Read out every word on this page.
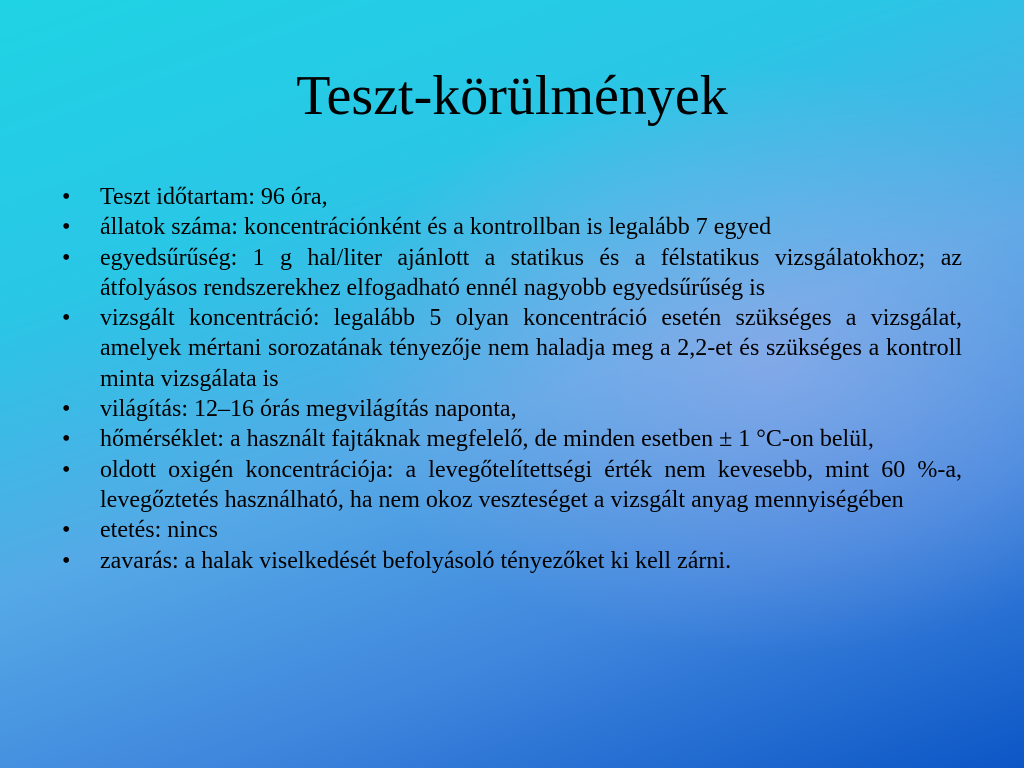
Teszt-körülmények
• Teszt időtartam: 96 óra,
• állatok száma: koncentrációnként és a kontrollban is legalább 7 egyed
• egyedsűrűség: 1 g hal/liter ajánlott a statikus és a félstatikus vizsgálatokhoz; az átfolyásos rendszerekhez elfogadható ennél nagyobb egyedsűrűség is
• vizsgált koncentráció: legalább 5 olyan koncentráció esetén szükséges a vizsgálat, amelyek mértani sorozatának tényezője nem haladja meg a 2,2-et és szükséges a kontroll minta vizsgálata is
• világítás: 12–16 órás megvilágítás naponta,
• hőmérséklet: a használt fajtáknak megfelelő, de minden esetben ± 1 °C-on belül,
• oldott oxigén koncentrációja: a levegőtelítettségi érték nem kevesebb, mint 60 %-a, levegőztetés használható, ha nem okoz veszteséget a vizsgált anyag mennyiségében
• etetés: nincs
• zavarás: a halak viselkedését befolyásoló tényezőket ki kell zárni.
